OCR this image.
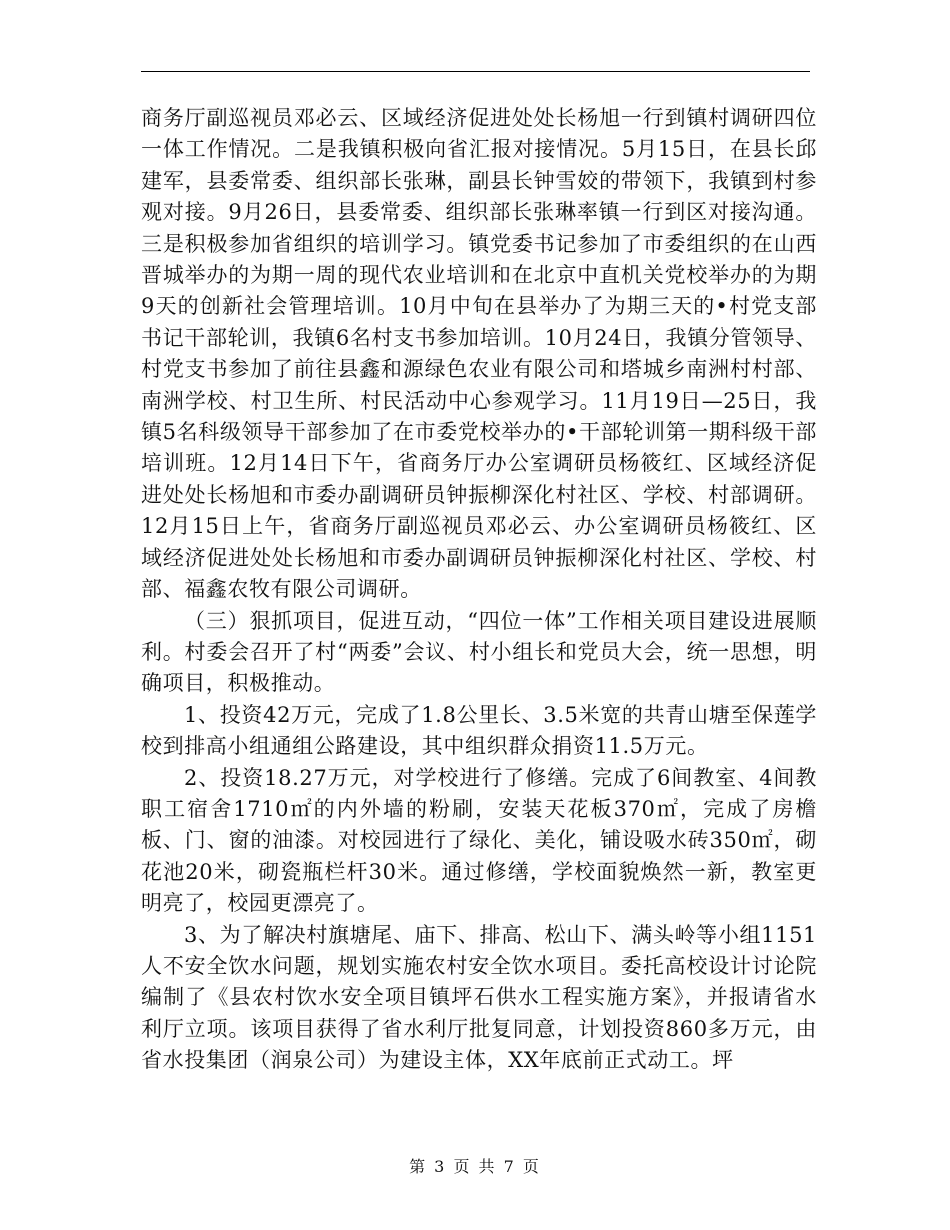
商务厅副巡视员邓必云、区域经济促进处处长杨旭一行到镇村调研四位一体工作情况。二是我镇积极向省汇报对接情况。5月15日，在县长邱建军，县委常委、组织部长张琳，副县长钟雪姣的带领下，我镇到村参观对接。9月26日，县委常委、组织部长张琳率镇一行到区对接沟通。三是积极参加省组织的培训学习。镇党委书记参加了市委组织的在山西晋城举办的为期一周的现代农业培训和在北京中直机关党校举办的为期9天的创新社会管理培训。10月中旬在县举办了为期三天的•村党支部书记干部轮训，我镇6名村支书参加培训。10月24日，我镇分管领导、村党支书参加了前往县鑫和源绿色农业有限公司和塔城乡南洲村村部、南洲学校、村卫生所、村民活动中心参观学习。11月19日—25日，我镇5名科级领导干部参加了在市委党校举办的•干部轮训第一期科级干部培训班。12月14日下午，省商务厅办公室调研员杨筱红、区域经济促进处处长杨旭和市委办副调研员钟振柳深化村社区、学校、村部调研。12月15日上午，省商务厅副巡视员邓必云、办公室调研员杨筱红、区域经济促进处处长杨旭和市委办副调研员钟振柳深化村社区、学校、村部、福鑫农牧有限公司调研。

（三）狠抓项目，促进互动，“四位一体”工作相关项目建设进展顺利。村委会召开了村“两委”会议、村小组长和党员大会，统一思想，明确项目，积极推动。

1、投资42万元，完成了1.8公里长、3.5米宽的共青山塘至保莲学校到排高小组通组公路建设，其中组织群众捐资11.5万元。

2、投资18.27万元，对学校进行了修缮。完成了6间教室、4间教职工宿舍1710㎡的内外墙的粉刷，安装天花板370㎡，完成了房檐板、门、窗的油漆。对校园进行了绿化、美化，铺设吸水砖350㎡，砌花池20米，砌瓷瓶栏杆30米。通过修缮，学校面貌焕然一新，教室更明亮了，校园更漂亮了。

3、为了解决村旗塘尾、庙下、排高、松山下、满头岭等小组1151人不安全饮水问题，规划实施农村安全饮水项目。委托高校设计讨论院编制了《县农村饮水安全项目镇坪石供水工程实施方案》，并报请省水利厅立项。该项目获得了省水利厅批复同意，计划投资860多万元，由省水投集团（润泉公司）为建设主体，XX年底前正式动工。坪

第 3 页 共 7 页
